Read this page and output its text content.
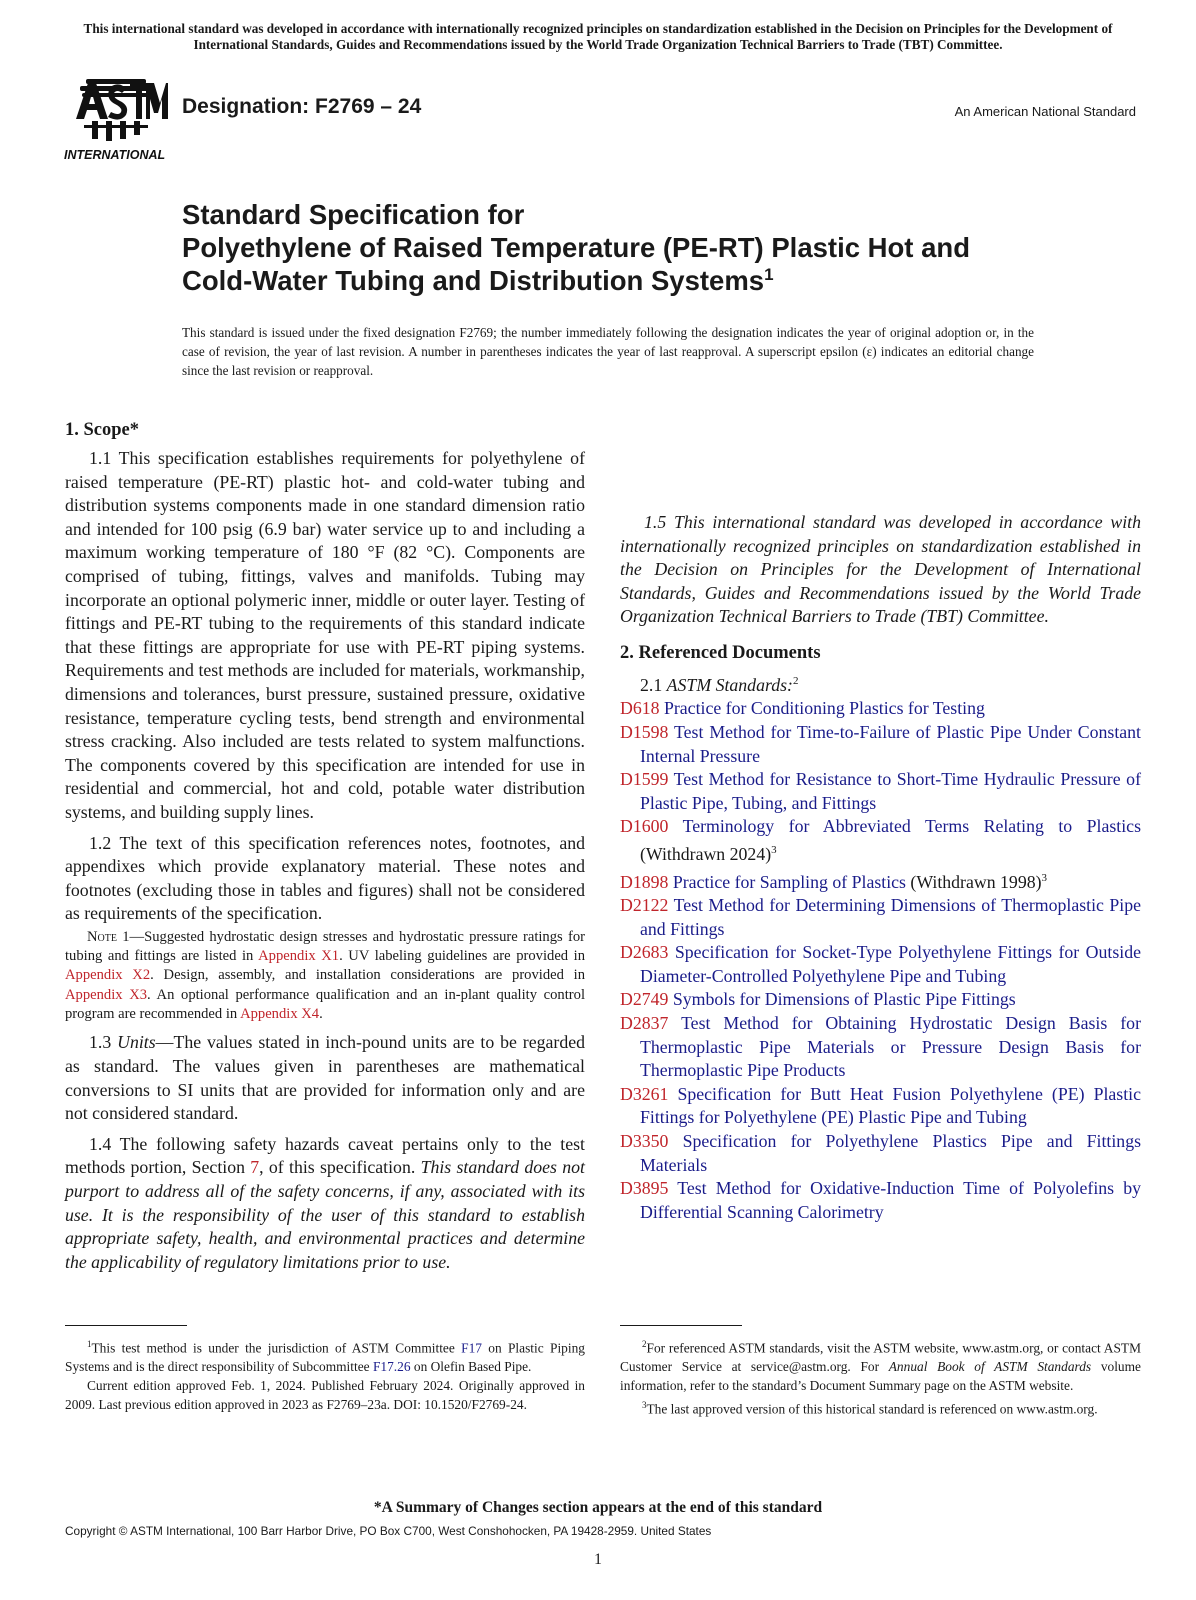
This international standard was developed in accordance with internationally recognized principles on standardization established in the Decision on Principles for the Development of International Standards, Guides and Recommendations issued by the World Trade Organization Technical Barriers to Trade (TBT) Committee.
INTERNATIONAL
Designation: F2769 – 24	An American National Standard
Standard Specification for
Polyethylene of Raised Temperature (PE-RT) Plastic Hot and
Cold-Water Tubing and Distribution Systems$^1$
This standard is issued under the fixed designation F2769; the number immediately following the designation indicates the year of original adoption or, in the case of revision, the year of last revision. A number in parentheses indicates the year of last reapproval. A superscript epsilon (ε) indicates an editorial change since the last revision or reapproval.
1. Scope*

1.1 This specification establishes requirements for polyethylene of raised temperature (PE-RT) plastic hot- and cold-water tubing and distribution systems components made in one standard dimension ratio and intended for 100 psig (6.9 bar) water service up to and including a maximum working temperature of 180 °F (82 °C). Components are comprised of tubing, fittings, valves and manifolds. Tubing may incorporate an optional polymeric inner, middle or outer layer. Testing of fittings and PE-RT tubing to the requirements of this standard indicate that these fittings are appropriate for use with PE-RT piping systems. Requirements and test methods are included for materials, workmanship, dimensions and tolerances, burst pressure, sustained pressure, oxidative resistance, temperature cycling tests, bend strength and environmental stress cracking. Also included are tests related to system malfunctions. The components covered by this specification are intended for use in residential and commercial, hot and cold, potable water distribution systems, and building supply lines.

1.2 The text of this specification references notes, footnotes, and appendixes which provide explanatory material. These notes and footnotes (excluding those in tables and figures) shall not be considered as requirements of the specification.

Note 1—Suggested hydrostatic design stresses and hydrostatic pressure ratings for tubing and fittings are listed in Appendix X1. UV labeling guidelines are provided in Appendix X2. Design, assembly, and installation considerations are provided in Appendix X3. An optional performance qualification and an in-plant quality control program are recommended in Appendix X4.

1.3 Units—The values stated in inch-pound units are to be regarded as standard. The values given in parentheses are mathematical conversions to SI units that are provided for information only and are not considered standard.

1.4 The following safety hazards caveat pertains only to the test methods portion, Section 7, of this specification. This standard does not purport to address all of the safety concerns, if any, associated with its use. It is the responsibility of the user of this standard to establish appropriate safety, health, and environmental practices and determine the applicability of regulatory limitations prior to use.

1.5 This international standard was developed in accordance with internationally recognized principles on standardization established in the Decision on Principles for the Development of International Standards, Guides and Recommendations issued by the World Trade Organization Technical Barriers to Trade (TBT) Committee.

2. Referenced Documents

2.1 ASTM Standards:$^2$

D618 Practice for Conditioning Plastics for Testing

D1598 Test Method for Time-to-Failure of Plastic Pipe Under Constant Internal Pressure

D1599 Test Method for Resistance to Short-Time Hydraulic Pressure of Plastic Pipe, Tubing, and Fittings

D1600 Terminology for Abbreviated Terms Relating to Plastics (Withdrawn 2024)$^3$

D1898 Practice for Sampling of Plastics (Withdrawn 1998)$^3$

D2122 Test Method for Determining Dimensions of Thermoplastic Pipe and Fittings

D2683 Specification for Socket-Type Polyethylene Fittings for Outside Diameter-Controlled Polyethylene Pipe and Tubing

D2749 Symbols for Dimensions of Plastic Pipe Fittings

D2837 Test Method for Obtaining Hydrostatic Design Basis for Thermoplastic Pipe Materials or Pressure Design Basis for Thermoplastic Pipe Products

D3261 Specification for Butt Heat Fusion Polyethylene (PE) Plastic Fittings for Polyethylene (PE) Plastic Pipe and Tubing

D3350 Specification for Polyethylene Plastics Pipe and Fittings Materials

D3895 Test Method for Oxidative-Induction Time of Polyolefins by Differential Scanning Calorimetry

$^1$This test method is under the jurisdiction of ASTM Committee F17 on Plastic Piping Systems and is the direct responsibility of Subcommittee F17.26 on Olefin Based Pipe.

Current edition approved Feb. 1, 2024. Published February 2024. Originally approved in 2009. Last previous edition approved in 2023 as F2769–23a. DOI: 10.1520/F2769-24.

$^2$For referenced ASTM standards, visit the ASTM website, www.astm.org, or contact ASTM Customer Service at service@astm.org. For Annual Book of ASTM Standards volume information, refer to the standard’s Document Summary page on the ASTM website.

$^3$The last approved version of this historical standard is referenced on www.astm.org.

*A Summary of Changes section appears at the end of this standard
Copyright © ASTM International, 100 Barr Harbor Drive, PO Box C700, West Conshohocken, PA 19428-2959. United States
1
